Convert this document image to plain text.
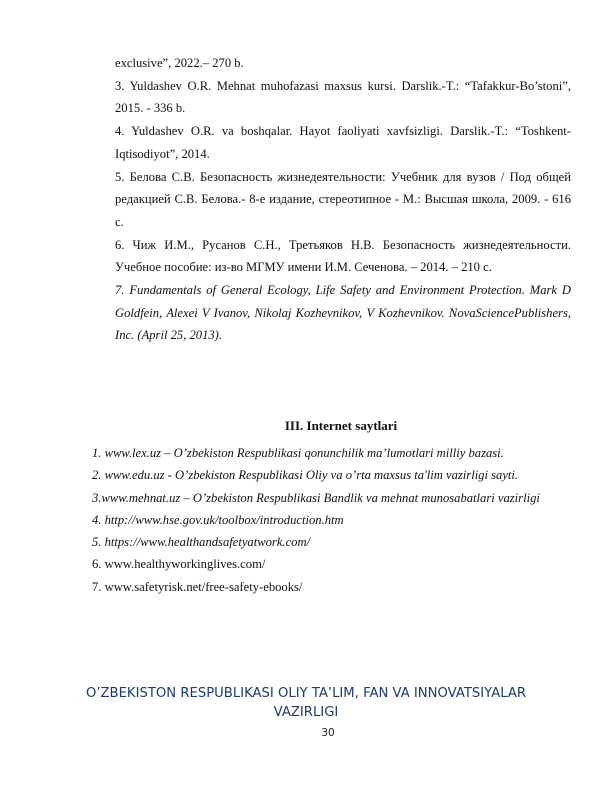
exclusive”, 2022.– 270 b.

3. Yuldashev O.R. Mehnat muhofazasi maxsus kursi. Darslik.-T.: “Tafakkur-Bo’stoni”, 2015. - 336 b.

4. Yuldashev O.R. va boshqalar. Hayot faoliyati xavfsizligi. Darslik.-T.: “Toshkent-Iqtisodiyot”, 2014.

5. Белова С.В. Безопасность жизнедеятельности: Учебник для вузов / Под общей редакцией С.В. Белова.- 8-е издание, стереотипное - М.: Высшая школа, 2009. - 616 с.

6. Чиж И.М., Русанов С.Н., Третьяков Н.В. Безопасность жизнедеятельности. Учебное пособие: из-во МГМУ имени И.М. Сеченова. – 2014. – 210 с.

7. Fundamentals of General Ecology, Life Safety and Environment Protection. Mark D Goldfein, Alexei V Ivanov, Nikolaj Kozhevnikov, V Kozhevnikov. NovaSciencePublishers, Inc. (April 25, 2013).

III. Internet saytlari

1. www.lex.uz – O’zbekiston Respublikasi qonunchilik ma’lumotlari milliy bazasi.

2. www.edu.uz - O’zbekiston Respublikasi Oliy va o’rta maxsus ta'lim vazirligi sayti.

3.www.mehnat.uz – O’zbekiston Respublikasi Bandlik va mehnat munosabatlari vazirligi

4. http://www.hse.gov.uk/toolbox/introduction.htm

5. https://www.healthandsafetyatwork.com/

6. www.healthyworkinglives.com/

7. www.safetyrisk.net/free-safety-ebooks/

O’ZBEKISTON RESPUBLIKASI OLIY TA’LIM, FAN VA INNOVATSIYALAR VAZIRLIGI
30
